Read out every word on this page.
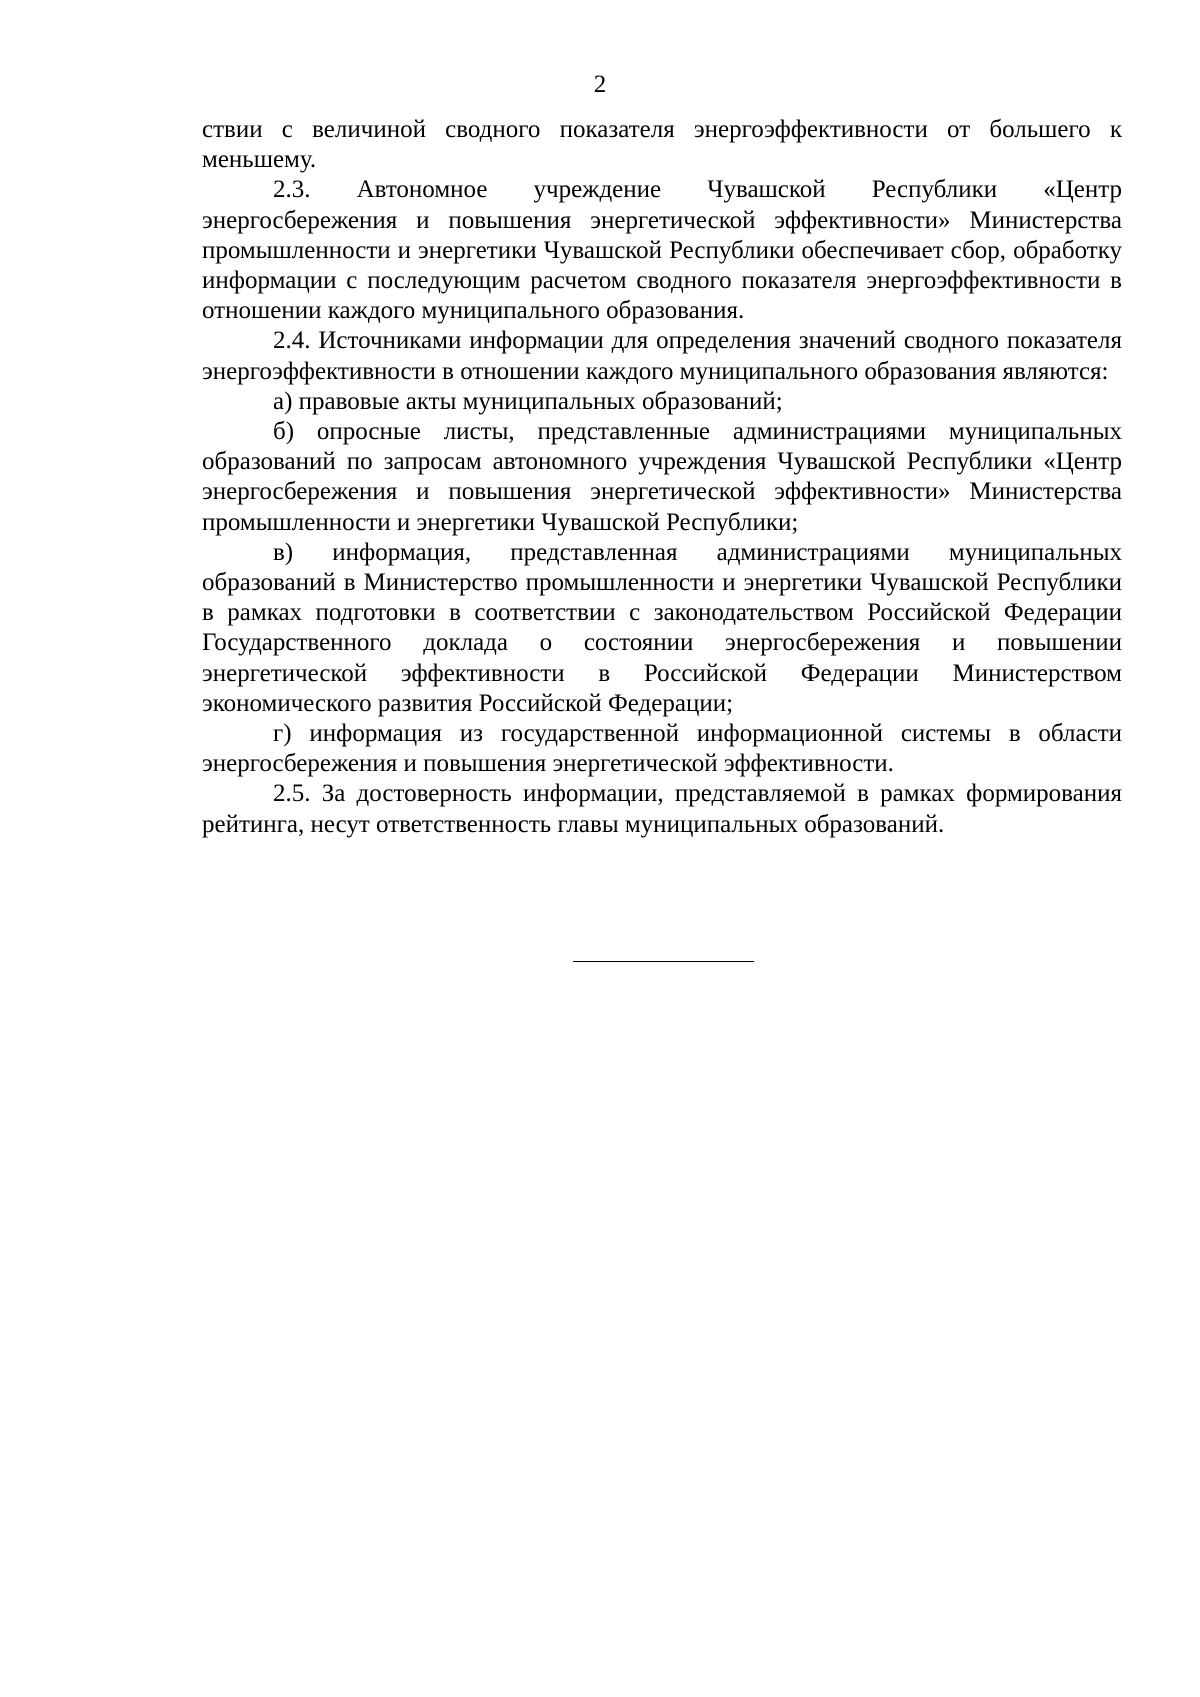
2

ствии с величиной сводного показателя энергоэффективности от большего к меньшему.

2.3. Автономное учреждение Чувашской Республики «Центр энергосбережения и повышения энергетической эффективности» Министерства промышленности и энергетики Чувашской Республики обеспечивает сбор, обработку информации с последующим расчетом сводного показателя энергоэффективности в отношении каждого муниципального образования.

2.4. Источниками информации для определения значений сводного показателя энергоэффективности в отношении каждого муниципального образования являются:

а) правовые акты муниципальных образований;

б) опросные листы, представленные администрациями муниципальных образований по запросам автономного учреждения Чувашской Республики «Центр энергосбережения и повышения энергетической эффективности» Министерства промышленности и энергетики Чувашской Республики;

в) информация, представленная администрациями муниципальных образований в Министерство промышленности и энергетики Чувашской Республики в рамках подготовки в соответствии с законодательством Российской Федерации Государственного доклада о состоянии энергосбережения и повышении энергетической эффективности в Российской Федерации Министерством экономического развития Российской Федерации;

г) информация из государственной информационной системы в области энергосбережения и повышения энергетической эффективности.

2.5. За достоверность информации, представляемой в рамках формирования рейтинга, несут ответственность главы муниципальных образований.
